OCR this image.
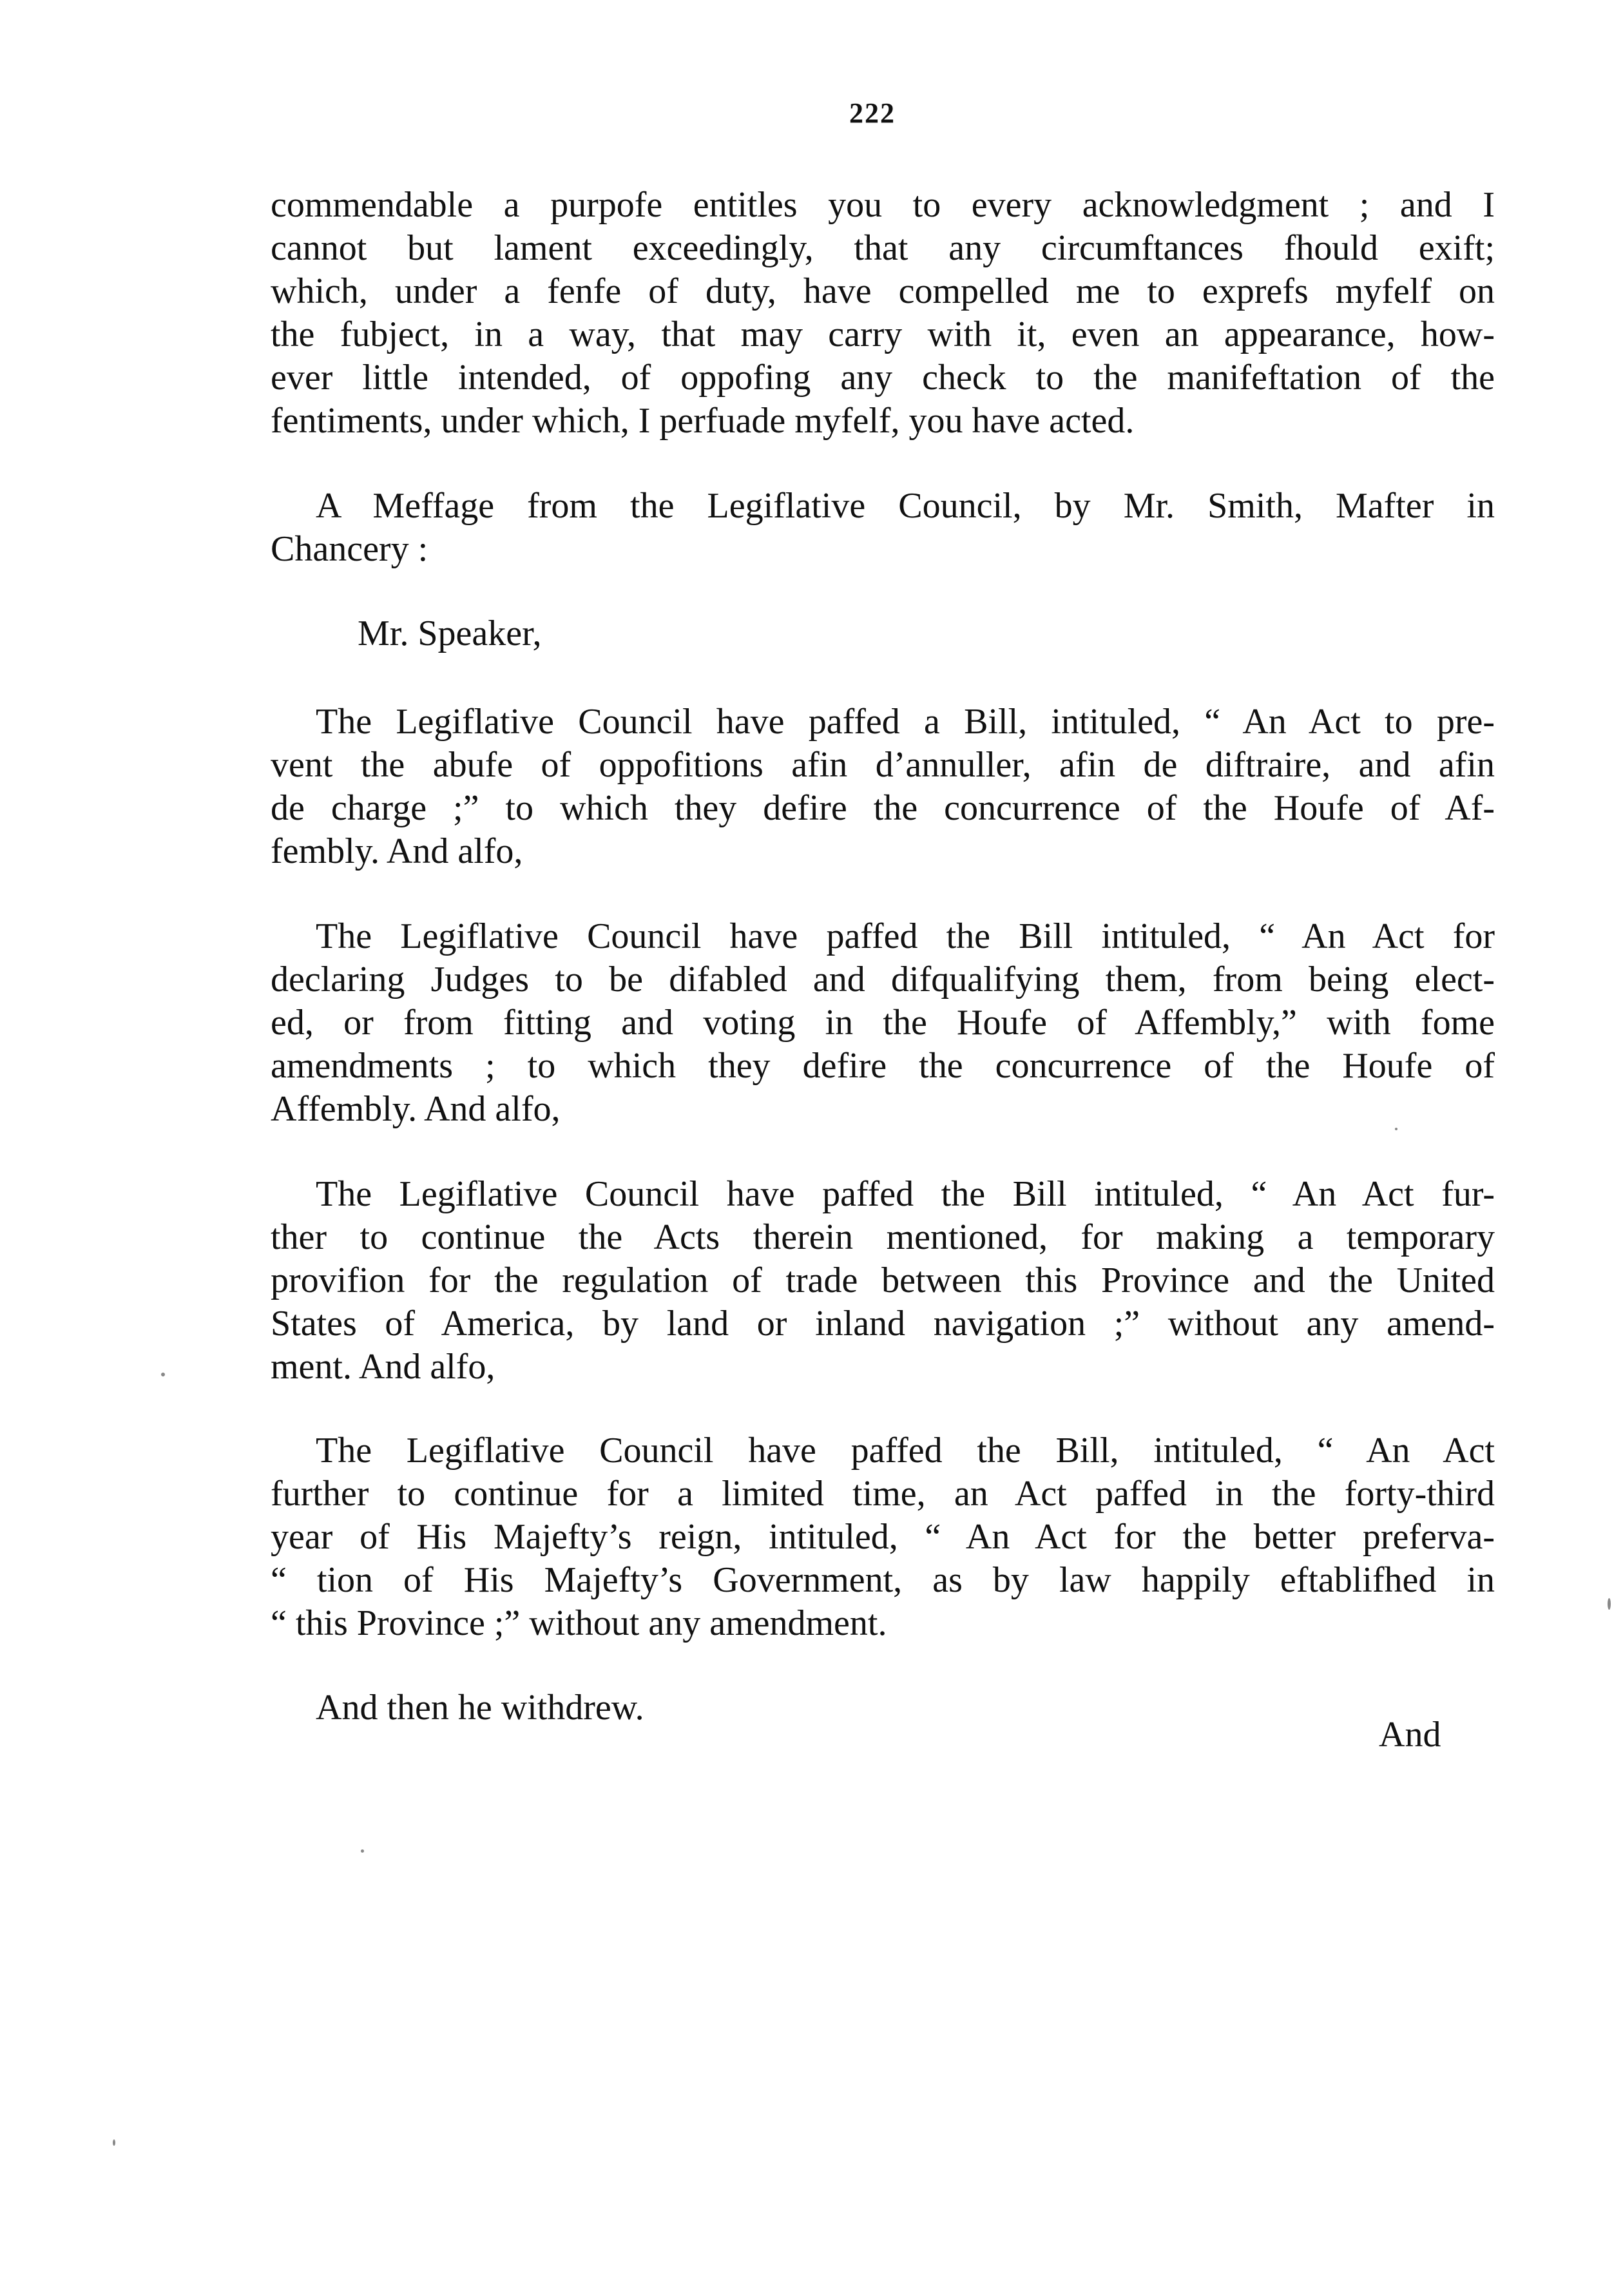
222
commendable a purpofe entitles you to every acknowledgment ; and I
cannot but lament exceedingly, that any circumftances fhould exift;
which, under a fenfe of duty, have compelled me to exprefs myfelf on
the fubject, in a way, that may carry with it, even an appearance, how-
ever little intended, of oppofing any check to the manifeftation of the
fentiments, under which, I perfuade myfelf, you have acted.
A Meffage from the Legiflative Council, by Mr. Smith, Mafter in
Chancery :
Mr. Speaker,
The Legiflative Council have paffed a Bill, intituled, “ An Act to pre-
vent the abufe of oppofitions afin d’annuller, afin de diftraire, and afin
de charge ;” to which they defire the concurrence of the Houfe of Af-
fembly. And alfo,
The Legiflative Council have paffed the Bill intituled, “ An Act for
declaring Judges to be difabled and difqualifying them, from being elect-
ed, or from fitting and voting in the Houfe of Affembly,” with fome
amendments ; to which they defire the concurrence of the Houfe of
Affembly. And alfo,
The Legiflative Council have paffed the Bill intituled, “ An Act fur-
ther to continue the Acts therein mentioned, for making a temporary
provifion for the regulation of trade between this Province and the United
States of America, by land or inland navigation ;” without any amend-
ment. And alfo,
The Legiflative Council have paffed the Bill, intituled, “ An Act
further to continue for a limited time, an Act paffed in the forty-third
year of His Majefty’s reign, intituled, “ An Act for the better preferva-
“ tion of His Majefty’s Government, as by law happily eftablifhed in
“ this Province ;” without any amendment.
And then he withdrew.
And
